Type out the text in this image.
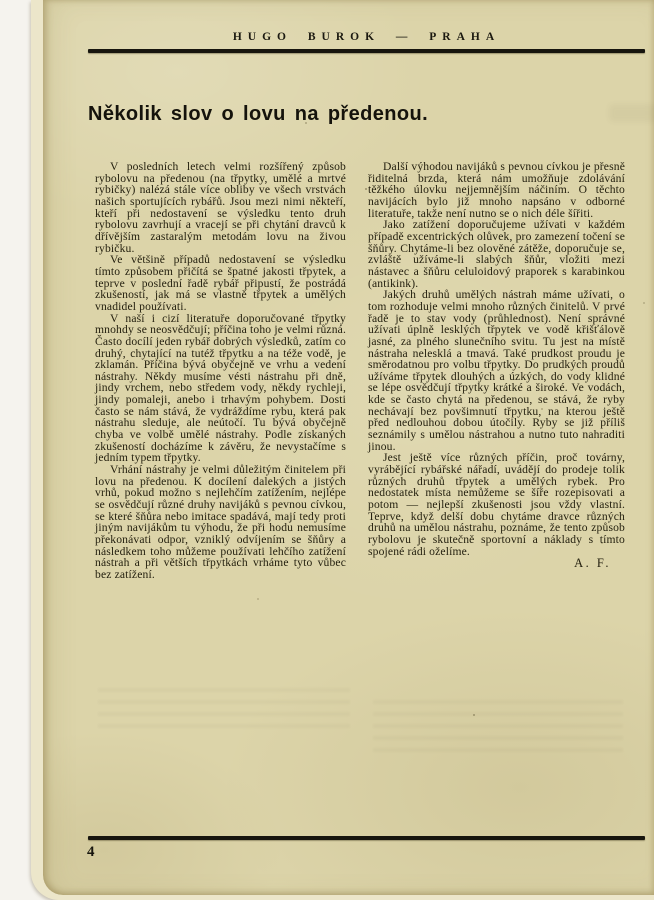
HUGO BUROK — PRAHA
Několik slov o lovu na předenou.

V posledních letech velmi rozšířený způsob rybolovu na předenou (na třpytky, umělé a mrtvé rybičky) nalézá stále více obliby ve všech vrstvách našich sportujících rybářů. Jsou mezi nimi někteří, kteří při nedostavení se výsledku tento druh rybolovu zavrhují a vracejí se při chytání dravců k dřívějším zastaralým metodám lovu na živou rybičku.

Ve většině případů nedostavení se výsledku tímto způsobem přičítá se špatné jakosti třpytek, a teprve v poslední řadě rybář připustí, že postrádá zkušeností, jak má se vlastně třpytek a umělých vnadidel používati.

V naší i cizí literatuře doporučované třpytky mnohdy se neosvědčují; příčina toho je velmi různá. Často docílí jeden rybář dobrých výsledků, zatím co druhý, chytající na tutéž třpytku a na téže vodě, je zklamán. Příčina bývá obyčejně ve vrhu a vedení nástrahy. Někdy musíme vésti nástrahu při dně, jindy vrchem, nebo středem vody, někdy rychleji, jindy pomaleji, anebo i trhavým pohybem. Dosti často se nám stává, že vydráždíme rybu, která pak nástrahu sleduje, ale neútočí. Tu bývá obyčejně chyba ve volbě umělé nástrahy. Podle získaných zkušeností docházíme k závěru, že nevystačíme s jedním typem třpytky.

Vrhání nástrahy je velmi důležitým činitelem při lovu na předenou. K docílení dalekých a jistých vrhů, pokud možno s nejlehčím zatížením, nejlépe se osvědčují různé druhy navijáků s pevnou cívkou, se které šňůra nebo imitace spadává, mají tedy proti jiným navijákům tu výhodu, že při hodu nemusíme překonávati odpor, vzniklý odvíjením se šňůry a následkem toho můžeme používati lehčího zatížení nástrah a při větších třpytkách vrháme tyto vůbec bez zatížení.

Další výhodou navijáků s pevnou cívkou je přesně řiditelná brzda, která nám umožňuje zdolávání těžkého úlovku nejjemnějším náčiním. O těchto navijácích bylo již mnoho napsáno v odborné literatuře, takže není nutno se o nich déle šířiti.

Jako zatížení doporučujeme užívati v každém případě excentrických olůvek, pro zamezení točení se šňůry. Chytáme-li bez olověné zátěže, doporučuje se, zvláště užíváme-li slabých šňůr, vložiti mezi nástavec a šňůru celuloidový praporek s karabinkou (antikink).

Jakých druhů umělých nástrah máme užívati, o tom rozhoduje velmi mnoho různých činitelů. V prvé řadě je to stav vody (průhlednost). Není správné užívati úplně lesklých třpytek ve vodě křišťálově jasné, za plného slunečního svitu. Tu jest na místě nástraha nelesklá a tmavá. Také prudkost proudu je směrodatnou pro volbu třpytky. Do prudkých proudů užíváme třpytek dlouhých a úzkých, do vody klidné se lépe osvědčují třpytky krátké a široké. Ve vodách, kde se často chytá na předenou, se stává, že ryby nechávají bez povšimnutí třpytku, na kterou ještě před nedlouhou dobou útočily. Ryby se již příliš seznámily s umělou nástrahou a nutno tuto nahraditi jinou.

Jest ještě více různých příčin, proč továrny, vyrábějící rybářské nářadí, uvádějí do prodeje tolik různých druhů třpytek a umělých rybek. Pro nedostatek místa nemůžeme se šíře rozepisovati a potom — nejlepší zkušenosti jsou vždy vlastní. Teprve, když delší dobu chytáme dravce různých druhů na umělou nástrahu, poznáme, že tento způsob rybolovu je skutečně sportovní a náklady s tímto spojené rádi oželíme.

A. F.
4
